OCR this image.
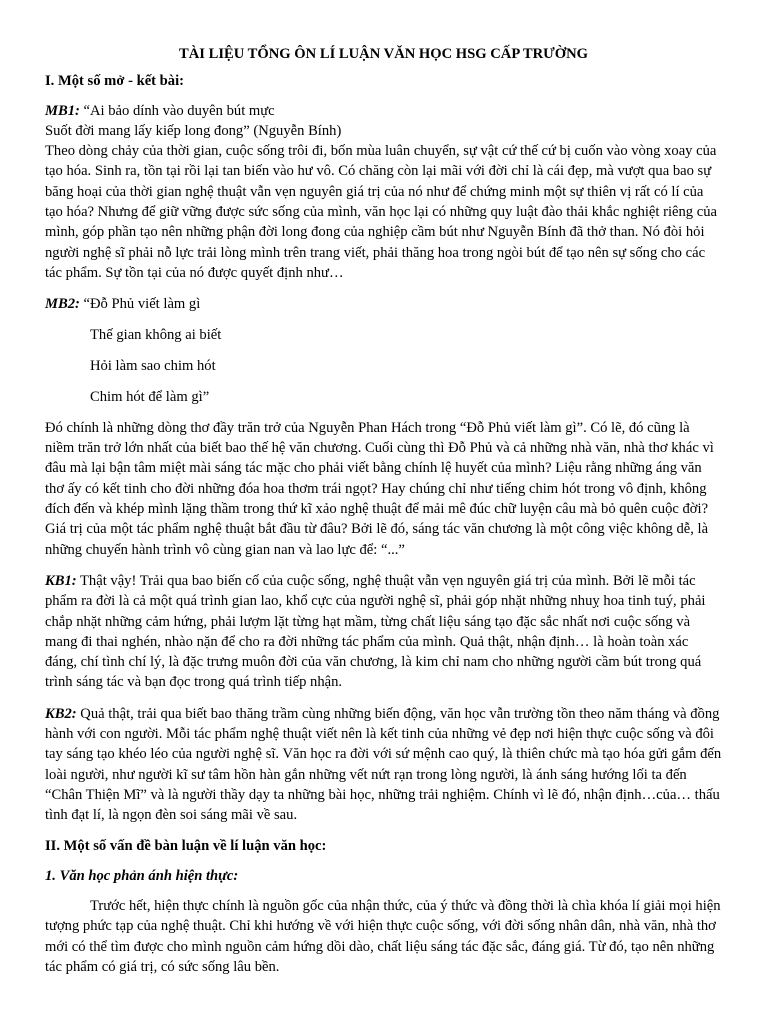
TÀI LIỆU TỔNG ÔN LÍ LUẬN VĂN HỌC HSG CẤP TRƯỜNG

I. Một số mở - kết bài:

MB1: “Ai bảo dính vào duyên bút mực

Suốt đời mang lấy kiếp long đong” (Nguyễn Bính)

Theo dòng chảy của thời gian, cuộc sống trôi đi, bốn mùa luân chuyển, sự vật cứ thế cứ bị cuốn vào vòng xoay của tạo hóa. Sinh ra, tồn tại rồi lại tan biến vào hư vô. Có chăng còn lại mãi với đời chỉ là cái đẹp, mà vượt qua bao sự băng hoại của thời gian nghệ thuật vẫn vẹn nguyên giá trị của nó như để chứng minh một sự thiên vị rất có lí của tạo hóa? Nhưng để giữ vững được sức sống của mình, văn học lại có những quy luật đào thải khắc nghiệt riêng của mình, góp phần tạo nên những phận đời long đong của nghiệp cầm bút như Nguyễn Bính đã thở than. Nó đòi hỏi người nghệ sĩ phải nỗ lực trải lòng mình trên trang viết, phải thăng hoa trong ngòi bút để tạo nên sự sống cho các tác phẩm. Sự tồn tại của nó được quyết định như…

MB2: “Đỗ Phủ viết làm gì

Thế gian không ai biết

Hỏi làm sao chim hót

Chim hót để làm gì”

Đó chính là những dòng thơ đầy trăn trở của Nguyễn Phan Hách trong “Đỗ Phủ viết làm gì”. Có lẽ, đó cũng là niềm trăn trở lớn nhất của biết bao thế hệ văn chương. Cuối cùng thì Đỗ Phủ và cả những nhà văn, nhà thơ khác vì đâu mà lại bận tâm miệt mài sáng tác mặc cho phải viết bằng chính lệ huyết của mình? Liệu rằng những áng văn thơ ấy có kết tinh cho đời những đóa hoa thơm trái ngọt? Hay chúng chỉ như tiếng chim hót trong vô định, không đích đến và khép mình lặng thầm trong thứ kĩ xảo nghệ thuật để mải mê đúc chữ luyện câu mà bỏ quên cuộc đời? Giá trị của một tác phẩm nghệ thuật bắt đầu từ đâu? Bởi lẽ đó, sáng tác văn chương là một công việc không dễ, là những chuyến hành trình vô cùng gian nan và lao lực để: “...”

KB1: Thật vậy! Trải qua bao biến cố của cuộc sống, nghệ thuật vẫn vẹn nguyên giá trị của mình. Bởi lẽ mỗi tác phẩm ra đời là cả một quá trình gian lao, khổ cực của người nghệ sĩ, phải góp nhặt những nhuỵ hoa tinh tuý, phải chắp nhặt những cảm hứng, phải lượm lặt từng hạt mầm, từng chất liệu sáng tạo đặc sắc nhất nơi cuộc sống và mang đi thai nghén, nhào nặn để cho ra đời những tác phẩm của mình. Quả thật, nhận định… là hoàn toàn xác đáng, chí tình chí lý, là đặc trưng muôn đời của văn chương, là kim chỉ nam cho những người cầm bút trong quá trình sáng tác và bạn đọc trong quá trình tiếp nhận.

KB2: Quả thật, trải qua biết bao thăng trầm cùng những biến động, văn học vẫn trường tồn theo năm tháng và đồng hành với con người. Mỗi tác phẩm nghệ thuật viết nên là kết tinh của những vẻ đẹp nơi hiện thực cuộc sống và đôi tay sáng tạo khéo léo của người nghệ sĩ. Văn học ra đời với sứ mệnh cao quý, là thiên chức mà tạo hóa gửi gắm đến loài người, như người kĩ sư tâm hồn hàn gắn những vết nứt rạn trong lòng người, là ánh sáng hướng lối ta đến “Chân Thiện Mĩ” và là người thầy dạy ta những bài học, những trải nghiệm. Chính vì lẽ đó, nhận định…của… thấu tình đạt lí, là ngọn đèn soi sáng mãi về sau.

II. Một số vấn đề bàn luận về lí luận văn học:

1. Văn học phản ánh hiện thực:

Trước hết, hiện thực chính là nguồn gốc của nhận thức, của ý thức và đồng thời là chìa khóa lí giải mọi hiện tượng phức tạp của nghệ thuật. Chỉ khi hướng về với hiện thực cuộc sống, với đời sống nhân dân, nhà văn, nhà thơ mới có thể tìm được cho mình nguồn cảm hứng dồi dào, chất liệu sáng tác đặc sắc, đáng giá. Từ đó, tạo nên những tác phẩm có giá trị, có sức sống lâu bền.
